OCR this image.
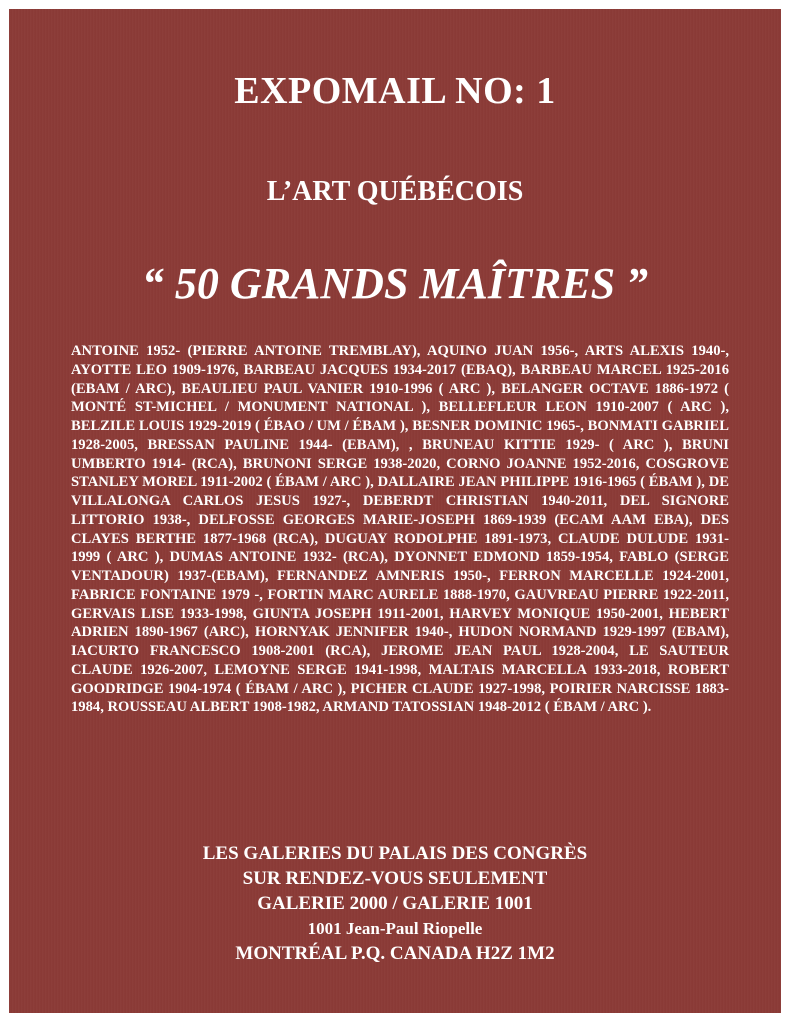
EXPOMAIL NO: 1
L’ART QUÉBÉCOIS
“ 50 GRANDS MAÎTRES ”
ANTOINE 1952- (PIERRE ANTOINE TREMBLAY), AQUINO JUAN 1956-, ARTS ALEXIS 1940-, AYOTTE LEO 1909-1976, BARBEAU JACQUES 1934-2017 (EBAQ), BARBEAU MARCEL 1925-2016 (EBAM / ARC), BEAULIEU PAUL VANIER 1910-1996 ( ARC ), BELANGER OCTAVE 1886-1972 ( MONTÉ ST-MICHEL / MONUMENT NATIONAL ), BELLEFLEUR LEON 1910-2007 ( ARC ), BELZILE LOUIS 1929-2019 ( ÉBAO / UM / ÉBAM ), BESNER DOMINIC 1965-, BONMATI GABRIEL 1928-2005, BRESSAN PAULINE 1944- (EBAM), , BRUNEAU KITTIE 1929- ( ARC ), BRUNI UMBERTO 1914- (RCA), BRUNONI SERGE 1938-2020, CORNO JOANNE 1952-2016, COSGROVE STANLEY MOREL 1911-2002 ( ÉBAM / ARC ), DALLAIRE JEAN PHILIPPE 1916-1965 ( ÉBAM ), DE VILLALONGA CARLOS JESUS 1927-, DEBERDT CHRISTIAN 1940-2011, DEL SIGNORE LITTORIO 1938-, DELFOSSE GEORGES MARIE-JOSEPH 1869-1939 (ECAM AAM EBA), DES CLAYES BERTHE 1877-1968 (RCA), DUGUAY RODOLPHE 1891-1973, CLAUDE DULUDE 1931-1999 ( ARC ), DUMAS ANTOINE 1932- (RCA), DYONNET EDMOND 1859-1954, FABLO (SERGE VENTADOUR) 1937-(EBAM), FERNANDEZ AMNERIS 1950-, FERRON MARCELLE 1924-2001, FABRICE FONTAINE 1979 -, FORTIN MARC AURELE 1888-1970, GAUVREAU PIERRE 1922-2011, GERVAIS LISE 1933-1998, GIUNTA JOSEPH 1911-2001, HARVEY MONIQUE 1950-2001, HEBERT ADRIEN 1890-1967 (ARC), HORNYAK JENNIFER 1940-, HUDON NORMAND 1929-1997 (EBAM), IACURTO FRANCESCO 1908-2001 (RCA), JEROME JEAN PAUL 1928-2004, LE SAUTEUR CLAUDE 1926-2007, LEMOYNE SERGE 1941-1998, MALTAIS MARCELLA 1933-2018, ROBERT GOODRIDGE 1904-1974 ( ÉBAM / ARC ), PICHER CLAUDE 1927-1998, POIRIER NARCISSE 1883-1984, ROUSSEAU ALBERT 1908-1982, ARMAND TATOSSIAN 1948-2012 ( ÉBAM / ARC ).
LES GALERIES DU PALAIS DES CONGRÈS
SUR RENDEZ-VOUS SEULEMENT
GALERIE 2000 / GALERIE 1001
1001 Jean-Paul Riopelle
MONTRÉAL P.Q. CANADA H2Z 1M2
